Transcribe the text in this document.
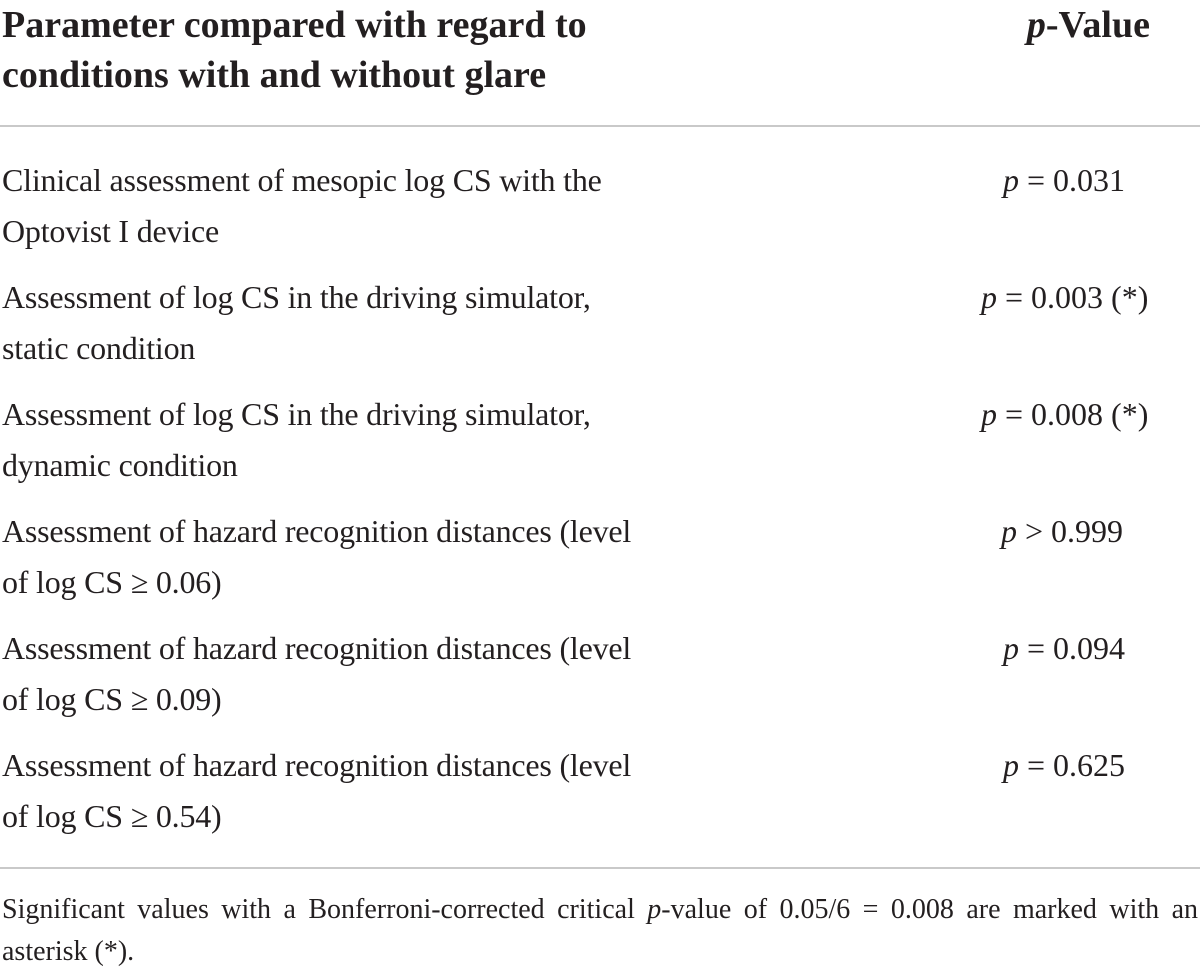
Parameter compared with regard to
conditions with and without glare
p-Value
Clinical assessment of mesopic log CS with the
Optovist I device
p = 0.031
Assessment of log CS in the driving simulator,
static condition
p = 0.003 (*)
Assessment of log CS in the driving simulator,
dynamic condition
p = 0.008 (*)
Assessment of hazard recognition distances (level
of log CS ≥ 0.06)
p > 0.999
Assessment of hazard recognition distances (level
of log CS ≥ 0.09)
p = 0.094
Assessment of hazard recognition distances (level
of log CS ≥ 0.54)
p = 0.625
Significant values with a Bonferroni-corrected critical p-value of 0.05/6 = 0.008 are marked with an asterisk (*).
